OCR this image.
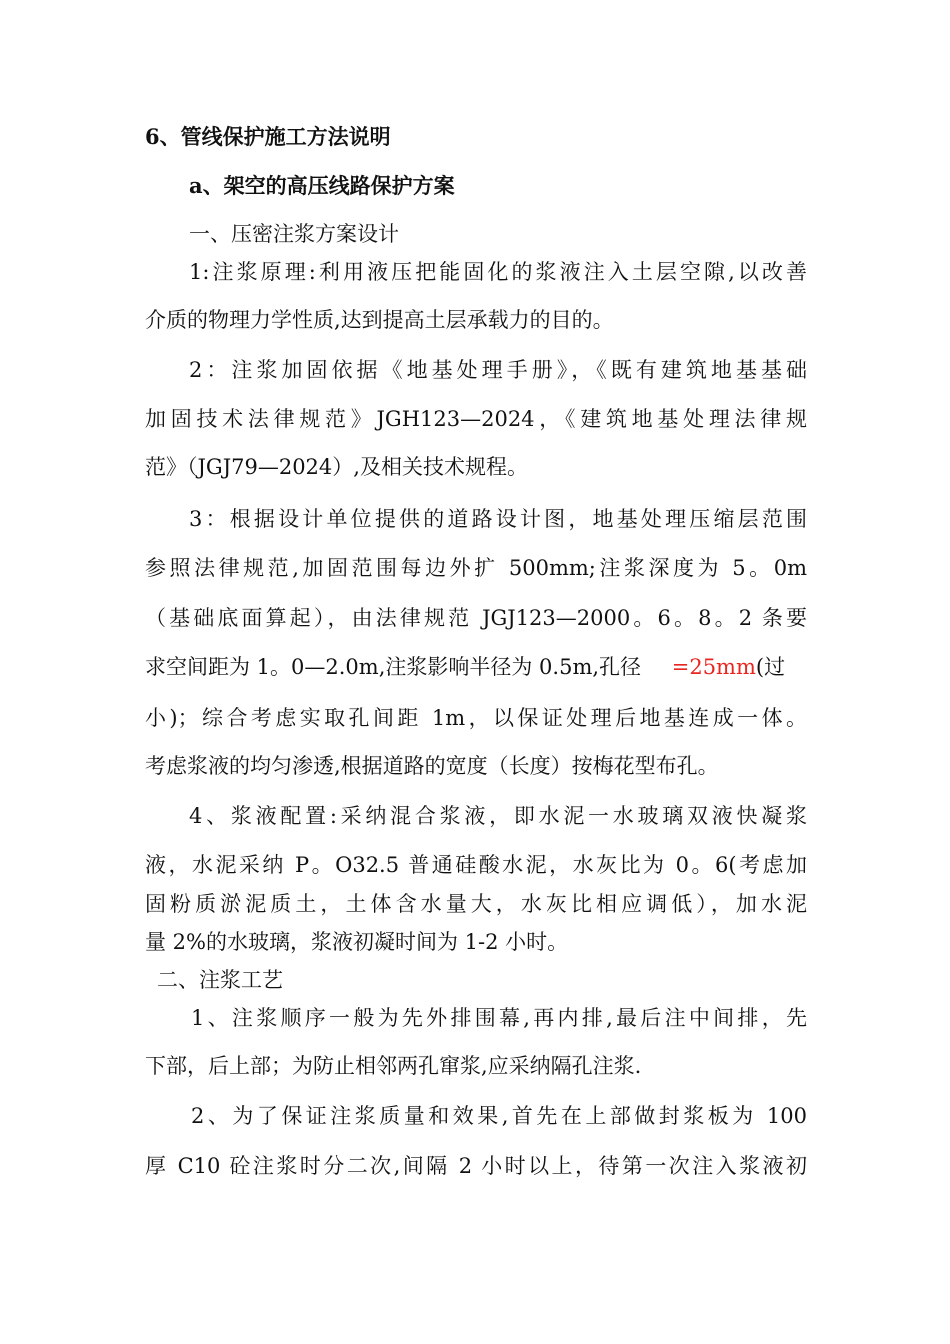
6、管线保护施工方法说明
a、架空的高压线路保护方案
一、压密注浆方案设计
1:注浆原理:利用液压把能固化的浆液注入土层空隙,以改善
介质的物理力学性质,达到提高土层承载力的目的。
2：注浆加固依据《地基处理手册》，《既有建筑地基基础
加固技术法律规范》JGH123—2024，《建筑地基处理法律规
范》（JGJ79—2024）,及相关技术规程。
3：根据设计单位提供的道路设计图，地基处理压缩层范围
参照法律规范,加固范围每边外扩 500mm;注浆深度为 5。0m
（基础底面算起），由法律规范 JGJ123—2000。6。8。2 条要
求空间距为 1。0—2.0m,注浆影响半径为 0.5m,孔径 =25mm(过
小)；综合考虑实取孔间距 1m，以保证处理后地基连成一体。
考虑浆液的均匀渗透,根据道路的宽度（长度）按梅花型布孔。
4、浆液配置:采纳混合浆液，即水泥一水玻璃双液快凝浆
液，水泥采纳 P。O32.5 普通硅酸水泥，水灰比为 0。6(考虑加
固粉质淤泥质土，土体含水量大，水灰比相应调低），加水泥
量 2%的水玻璃，浆液初凝时间为 1-2 小时。
二、注浆工艺
1、注浆顺序一般为先外排围幕,再内排,最后注中间排，先
下部，后上部；为防止相邻两孔窜浆,应采纳隔孔注浆.
2、为了保证注浆质量和效果,首先在上部做封浆板为 100
厚 C10 砼注浆时分二次,间隔 2 小时以上，待第一次注入浆液初
